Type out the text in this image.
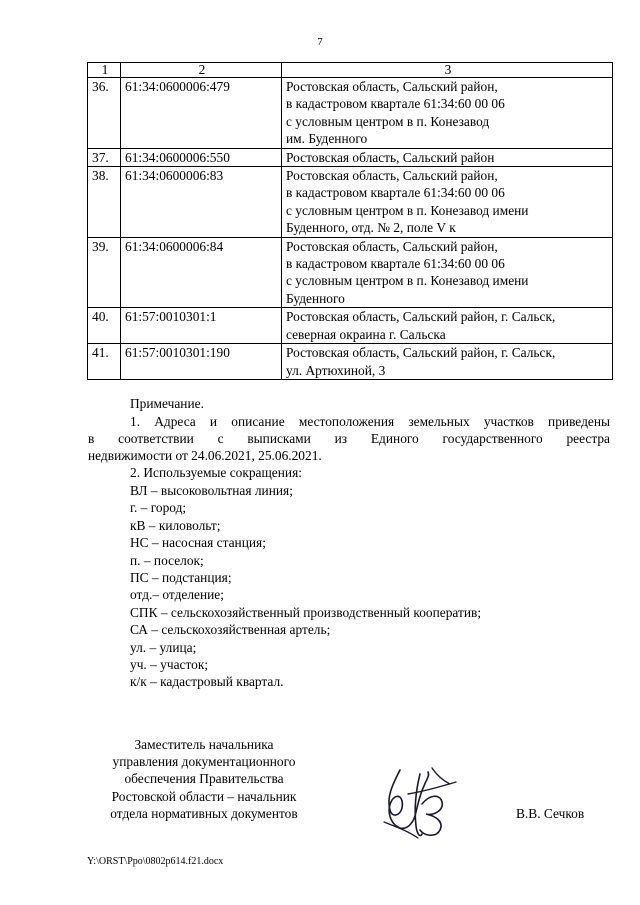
7
1	2	3
36.	61:34:0600006:479	Ростовская область, Сальский район,
в кадастровом квартале 61:34:60 00 06
с условным центром в п. Конезавод
им. Буденного

37.	61:34:0600006:550	Ростовская область, Сальский район

38.	61:34:0600006:83	Ростовская область, Сальский район,
в кадастровом квартале 61:34:60 00 06
с условным центром в п. Конезавод имени
Буденного, отд. № 2, поле V к

39.	61:34:0600006:84	Ростовская область, Сальский район,
в кадастровом квартале 61:34:60 00 06
с условным центром в п. Конезавод имени
Буденного

40.	61:57:0010301:1	Ростовская область, Сальский район, г. Сальск,
северная окраина г. Сальска

41.	61:57:0010301:190	Ростовская область, Сальский район, г. Сальск,
ул. Артюхиной, 3
Примечание.
1. Адреса и описание местоположения земельных участков приведены
в соответствии с выписками из Единого государственного реестра
недвижимости от 24.06.2021, 25.06.2021.
2. Используемые сокращения:
ВЛ – высоковольтная линия;
г. – город;
кВ – киловольт;
НС – насосная станция;
п. – поселок;
ПС – подстанция;
отд.– отделение;
СПК – сельскохозяйственный производственный кооператив;
СА – сельскохозяйственная артель;
ул. – улица;
уч. – участок;
к/к – кадастровый квартал.
Заместитель начальника
управления документационного
обеспечения Правительства
Ростовской области – начальник
отдела нормативных документов	В.В. Сечков
Y:\ORST\Ppo\0802p614.f21.docx
